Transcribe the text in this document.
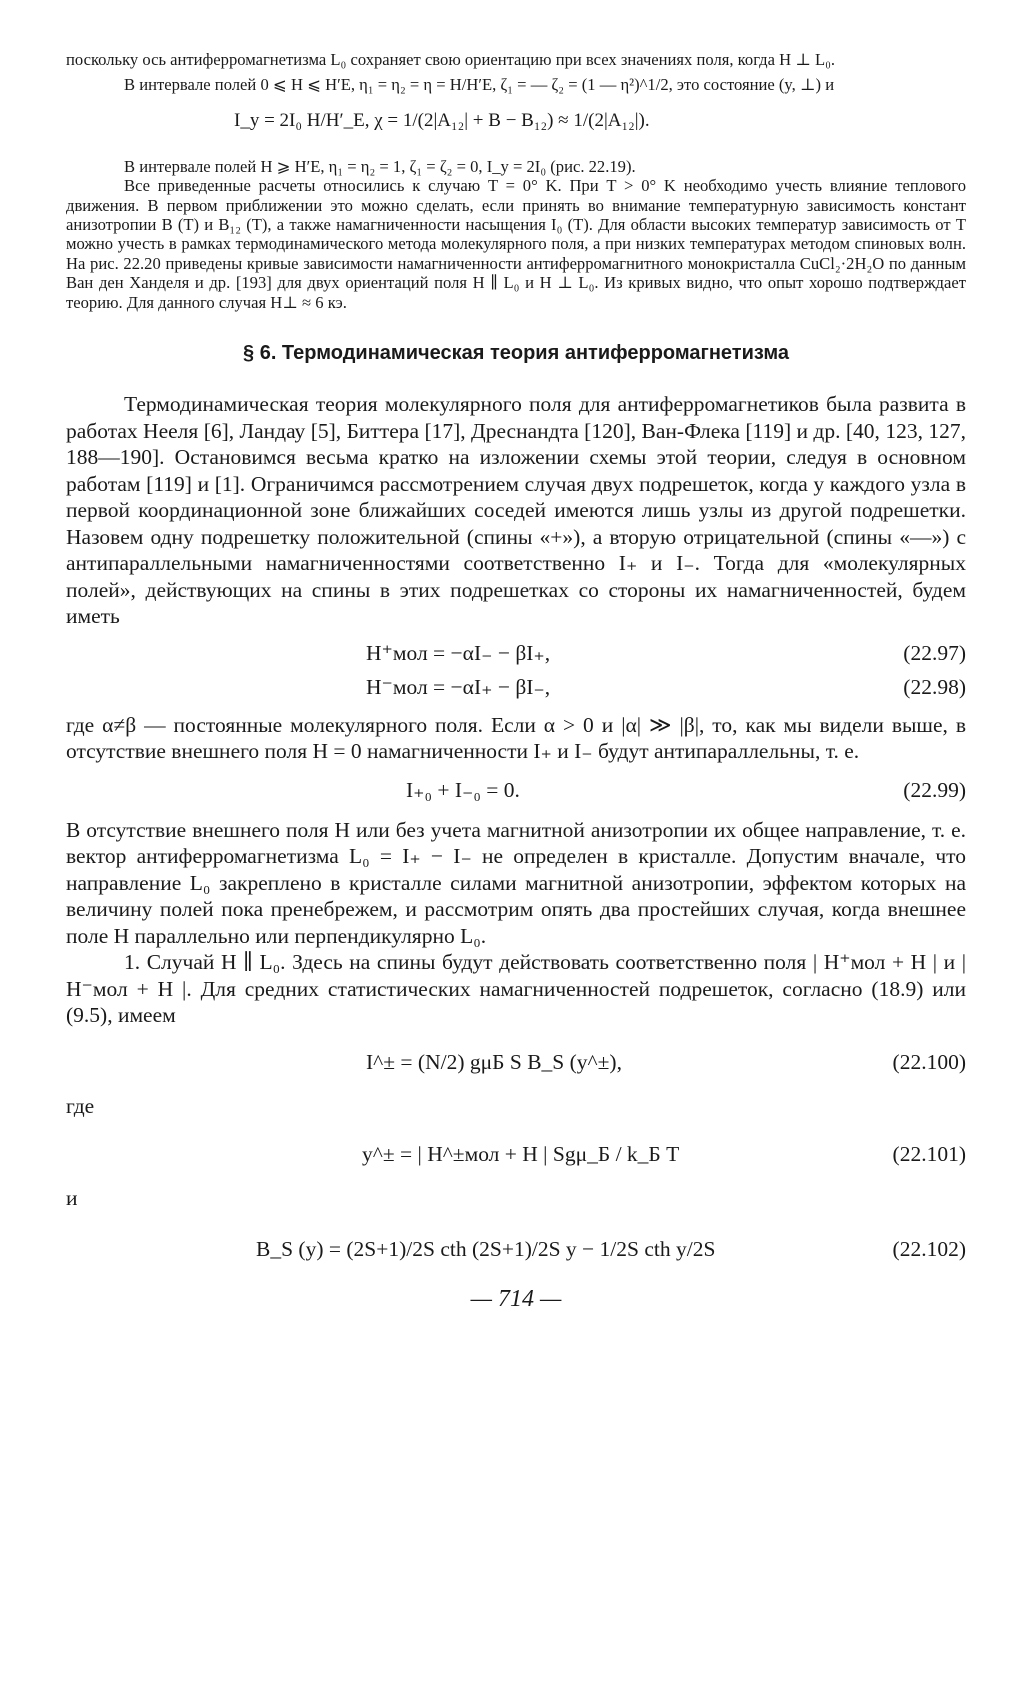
поскольку ось антиферромагнетизма L₀ сохраняет свою ориентацию при всех значениях поля, когда H ⊥ L₀.

В интервале полей 0 ⩽ H ⩽ H′E, η₁ = η₂ = η = H/H′E, ζ₁ = — ζ₂ = (1 — η²)^1/2, это состояние (y, ⊥) и

I_y = 2I₀ H/H′_E, χ = 1/(2|A₁₂| + B − B₁₂) ≈ 1/(2|A₁₂|).

В интервале полей H ⩾ H′E, η₁ = η₂ = 1, ζ₁ = ζ₂ = 0, I_y = 2I₀ (рис. 22.19).

Все приведенные расчеты относились к случаю T = 0° K. При T > 0° K необходимо учесть влияние теплового движения. В первом приближении это можно сделать, если принять во внимание температурную зависимость констант анизотропии B (T) и B₁₂ (T), а также намагниченности насыщения I₀ (T). Для области высоких температур зависимость от T можно учесть в рамках термодинамического метода молекулярного поля, а при низких температурах методом спиновых волн. На рис. 22.20 приведены кривые зависимости намагниченности антиферромагнитного монокристалла CuCl₂·2H₂O по данным Ван ден Ханделя и др. [193] для двух ориентаций поля H ∥ L₀ и H ⊥ L₀. Из кривых видно, что опыт хорошо подтверждает теорию. Для данного случая H⊥ ≈ 6 кэ.

§ 6. Термодинамическая теория антиферромагнетизма

Термодинамическая теория молекулярного поля для антиферромагнетиков была развита в работах Нееля [6], Ландау [5], Биттера [17], Дреснандта [120], Ван-Флека [119] и др. [40, 123, 127, 188—190]. Остановимся весьма кратко на изложении схемы этой теории, следуя в основном работам [119] и [1]. Ограничимся рассмотрением случая двух подрешеток, когда у каждого узла в первой координационной зоне ближайших соседей имеются лишь узлы из другой подрешетки. Назовем одну подрешетку положительной (спины «+»), а вторую отрицательной (спины «—») с антипараллельными намагниченностями соответственно I₊ и I₋. Тогда для «молекулярных полей», действующих на спины в этих подрешетках со стороны их намагниченностей, будем иметь

H⁺мол = −αI₋ − βI₊,	(22.97)
H⁻мол = −αI₊ − βI₋,	(22.98)

где α≠β — постоянные молекулярного поля. Если α > 0 и |α| ≫ |β|, то, как мы видели выше, в отсутствие внешнего поля H = 0 намагниченности I₊ и I₋ будут антипараллельны, т. е.

I₊₀ + I₋₀ = 0.	(22.99)

В отсутствие внешнего поля H или без учета магнитной анизотропии их общее направление, т. е. вектор антиферромагнетизма L₀ = I₊ − I₋ не определен в кристалле. Допустим вначале, что направление L₀ закреплено в кристалле силами магнитной анизотропии, эффектом которых на величину полей пока пренебрежем, и рассмотрим опять два простейших случая, когда внешнее поле H параллельно или перпендикулярно L₀.

1. Случай H ∥ L₀. Здесь на спины будут действовать соответственно поля | H⁺мол + H | и | H⁻мол + H |. Для средних статистических намагниченностей подрешеток, согласно (18.9) или (9.5), имеем

I^± = (N/2) gμБ S B_S (y^±),	(22.100)

где

y^± = | H^±мол + H | Sgμ_Б / k_Б T	(22.101)

и

B_S (y) = (2S+1)/2S cth (2S+1)/2S y − 1/2S cth y/2S	(22.102)
— 714 —
